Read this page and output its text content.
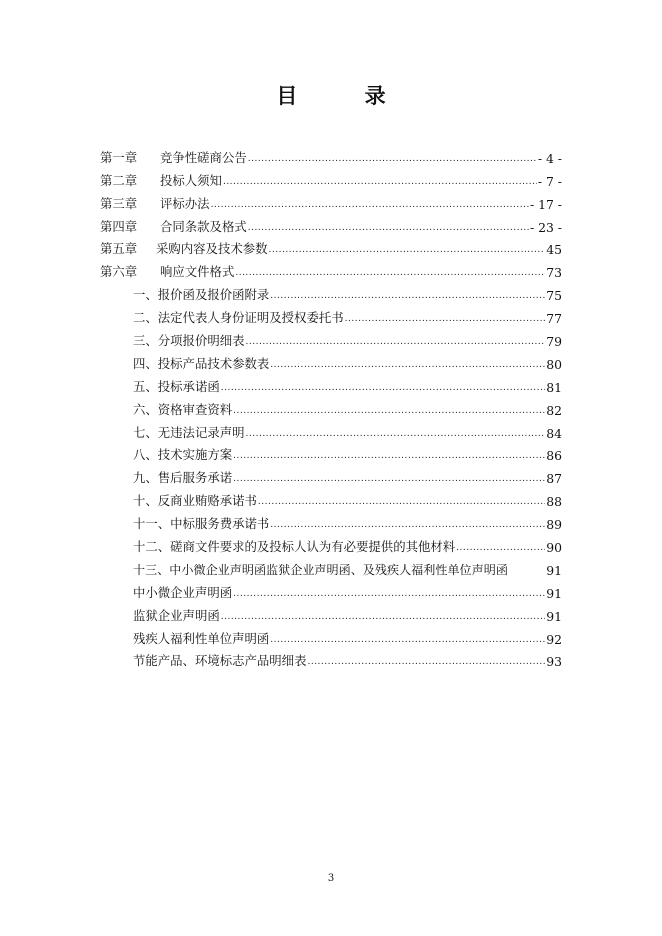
目 录
第一章	竞争性磋商公告 .....	- 4 -
第二章	投标人须知 .....	- 7 -
第三章	评标办法 .....	- 17 -
第四章	合同条款及格式 .....	- 23 -
第五章	采购内容及技术参数 .....	45
第六章	响应文件格式 .....	73
一、报价函及报价函附录 .....	75
二、法定代表人身份证明及授权委托书 .....	77
三、分项报价明细表 .....	79
四、投标产品技术参数表 .....	80
五、投标承诺函 .....	81
六、资格审查资料 .....	82
七、无违法记录声明 .....	84
八、技术实施方案 .....	86
九、售后服务承诺 .....	87
十、反商业贿赂承诺书 .....	88
十一、中标服务费承诺书 .....	89
十二、磋商文件要求的及投标人认为有必要提供的其他材料 .....	90
十三、中小微企业声明函监狱企业声明函、及残疾人福利性单位声明函	91
中小微企业声明函 .....	91
监狱企业声明函 .....	91
残疾人福利性单位声明函 .....	92
节能产品、环境标志产品明细表 .....	93
3
